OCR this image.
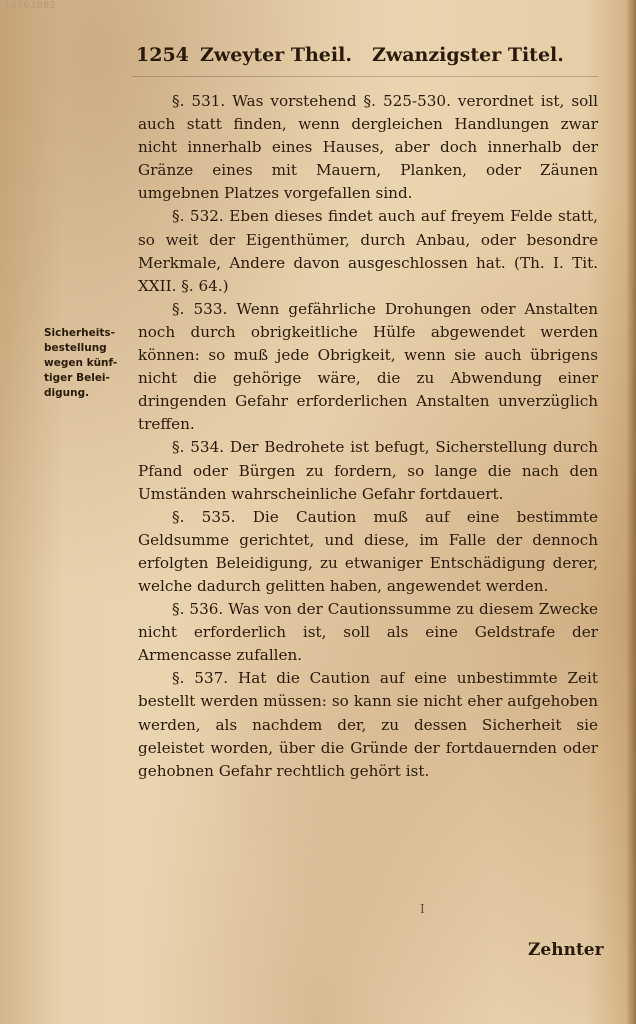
10703882
1254 Zweyter Theil. Zwanzigster Titel.
Sicherheits-
bestellung
wegen künf-
tiger Belei-
digung.

§. 531. Was vorstehend §. 525-530. verordnet ist, soll auch statt finden, wenn dergleichen Handlungen zwar nicht innerhalb eines Hauses, aber doch innerhalb der Gränze eines mit Mauern, Planken, oder Zäunen umgebnen Platzes vorgefallen sind.

§. 532. Eben dieses findet auch auf freyem Felde statt, so weit der Eigenthümer, durch Anbau, oder besondre Merkmale, Andere davon ausgeschlossen hat. (Th. I. Tit. XXII. §. 64.)

§. 533. Wenn gefährliche Drohungen oder Anstalten noch durch obrigkeitliche Hülfe abgewendet werden können: so muß jede Obrigkeit, wenn sie auch übrigens nicht die gehörige wäre, die zu Abwendung einer dringenden Gefahr erforderlichen Anstalten unverzüglich treffen.

§. 534. Der Bedrohete ist befugt, Sicherstellung durch Pfand oder Bürgen zu fordern, so lange die nach den Umständen wahrscheinliche Gefahr fortdauert.

§. 535. Die Caution muß auf eine bestimmte Geldsumme gerichtet, und diese, im Falle der dennoch erfolgten Beleidigung, zu etwaniger Entschädigung derer, welche dadurch gelitten haben, angewendet werden.

§. 536. Was von der Cautionssumme zu diesem Zwecke nicht erforderlich ist, soll als eine Geldstrafe der Armencasse zufallen.

§. 537. Hat die Caution auf eine unbestimmte Zeit bestellt werden müssen: so kann sie nicht eher aufgehoben werden, als nachdem der, zu dessen Sicherheit sie geleistet worden, über die Gründe der fortdauernden oder gehobnen Gefahr rechtlich gehört ist.

I
Zehnter
